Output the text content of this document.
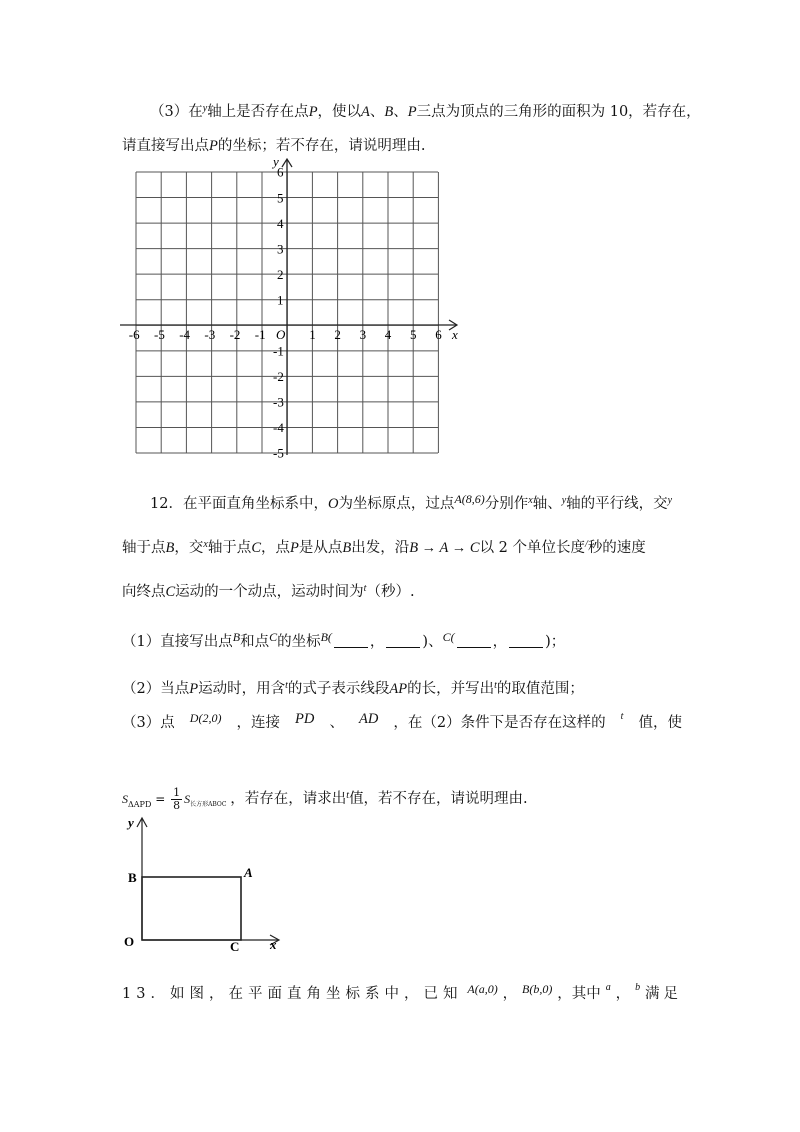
（3）在$^y$轴上是否存在点P，使以A、B、P三点为顶点的三角形的面积为 10，若存在，
请直接写出点P的坐标；若不存在，请说明理由.
x
y
O
-6 -5 -4 -3 -2 -1	1 2 3 4 5 6
6
5
4
3
2
1
-1
-2
-3
-4
-5
12．在平面直角坐标系中，O为坐标原点，过点$^{A(8,6)}$分别作$^x$轴、$^y$轴的平行线，交$^y$
轴于点B，交$^x$轴于点C，点P是从点B出发，沿B → A → C以 2 个单位长度/秒的速度
向终点C运动的一个动点，运动时间为$^t$（秒）.
（1）直接写出点$^B$和点$^C$的坐标$^{B(}$	，	)、$^{C(}$	，	)；
（2）当点P运动时，用含$^t$的式子表示线段AP的长，并写出$^t$的取值范围；
（3）点 D(2,0) ，连接 PD 、 AD ，在（2）条件下是否存在这样的 t 值，使
$S_{\Delta APD} = \frac{1}{8} S_{长方形ABOC}$ ，若存在，请求出$^t$值，若不存在，请说明理由.
y
x
B	A
O	C
13．如图，在平面直角坐标系中，已知 A(a,0) ， B(b,0) ，其中 a ， b 满足
